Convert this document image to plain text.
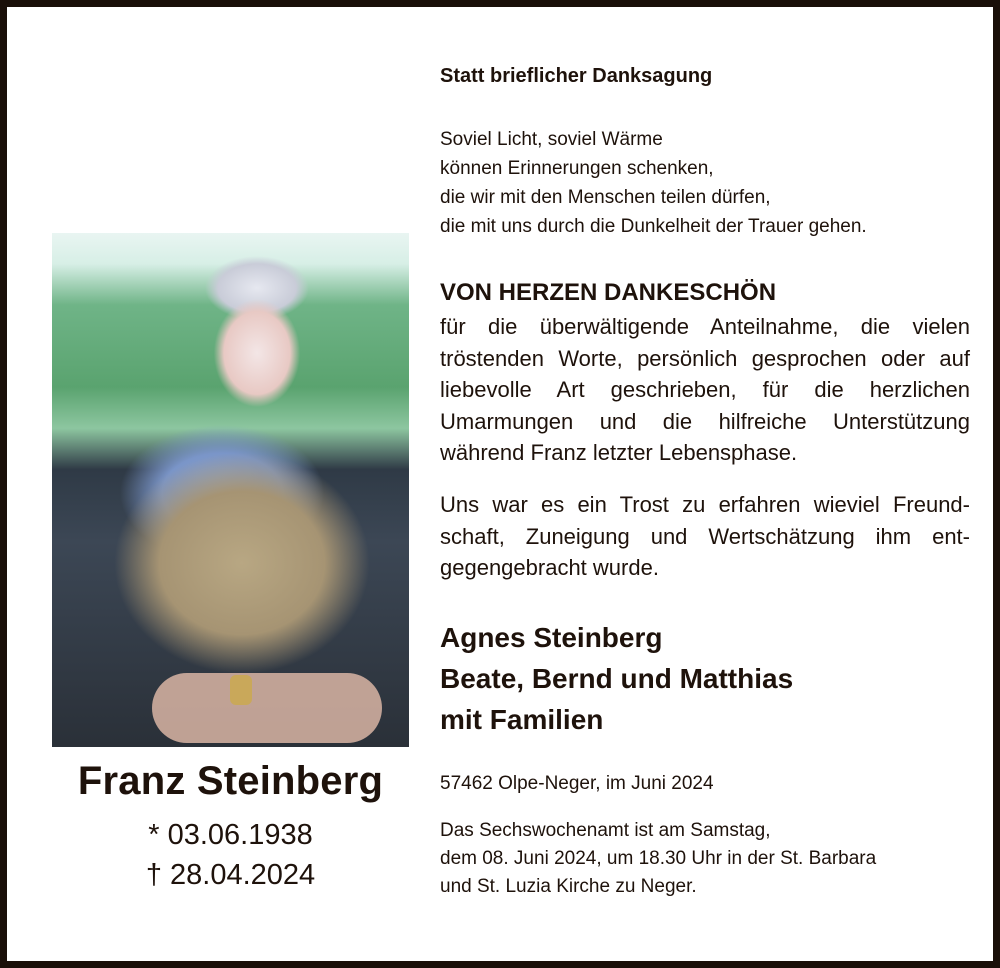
Franz Steinberg
* 03.06.1938
† 28.04.2024
Statt brieflicher Danksagung
Soviel Licht, soviel Wärme
können Erinnerungen schenken,
die wir mit den Menschen teilen dürfen,
die mit uns durch die Dunkelheit der Trauer gehen.
VON HERZEN DANKESCHÖN
für die überwältigende Anteilnahme, die vielen tröstenden Worte, persönlich gesprochen oder auf liebevolle Art geschrieben, für die herzlichen Umarmungen und die hilfreiche Unterstützung während Franz letzter Lebensphase.
Uns war es ein Trost zu erfahren wieviel Freundschaft, Zuneigung und Wertschätzung ihm entgegengebracht wurde.
Agnes Steinberg
Beate, Bernd und Matthias
mit Familien
57462 Olpe-Neger, im Juni 2024
Das Sechswochenamt ist am Samstag,
dem 08. Juni 2024, um 18.30 Uhr in der St. Barbara
und St. Luzia Kirche zu Neger.
